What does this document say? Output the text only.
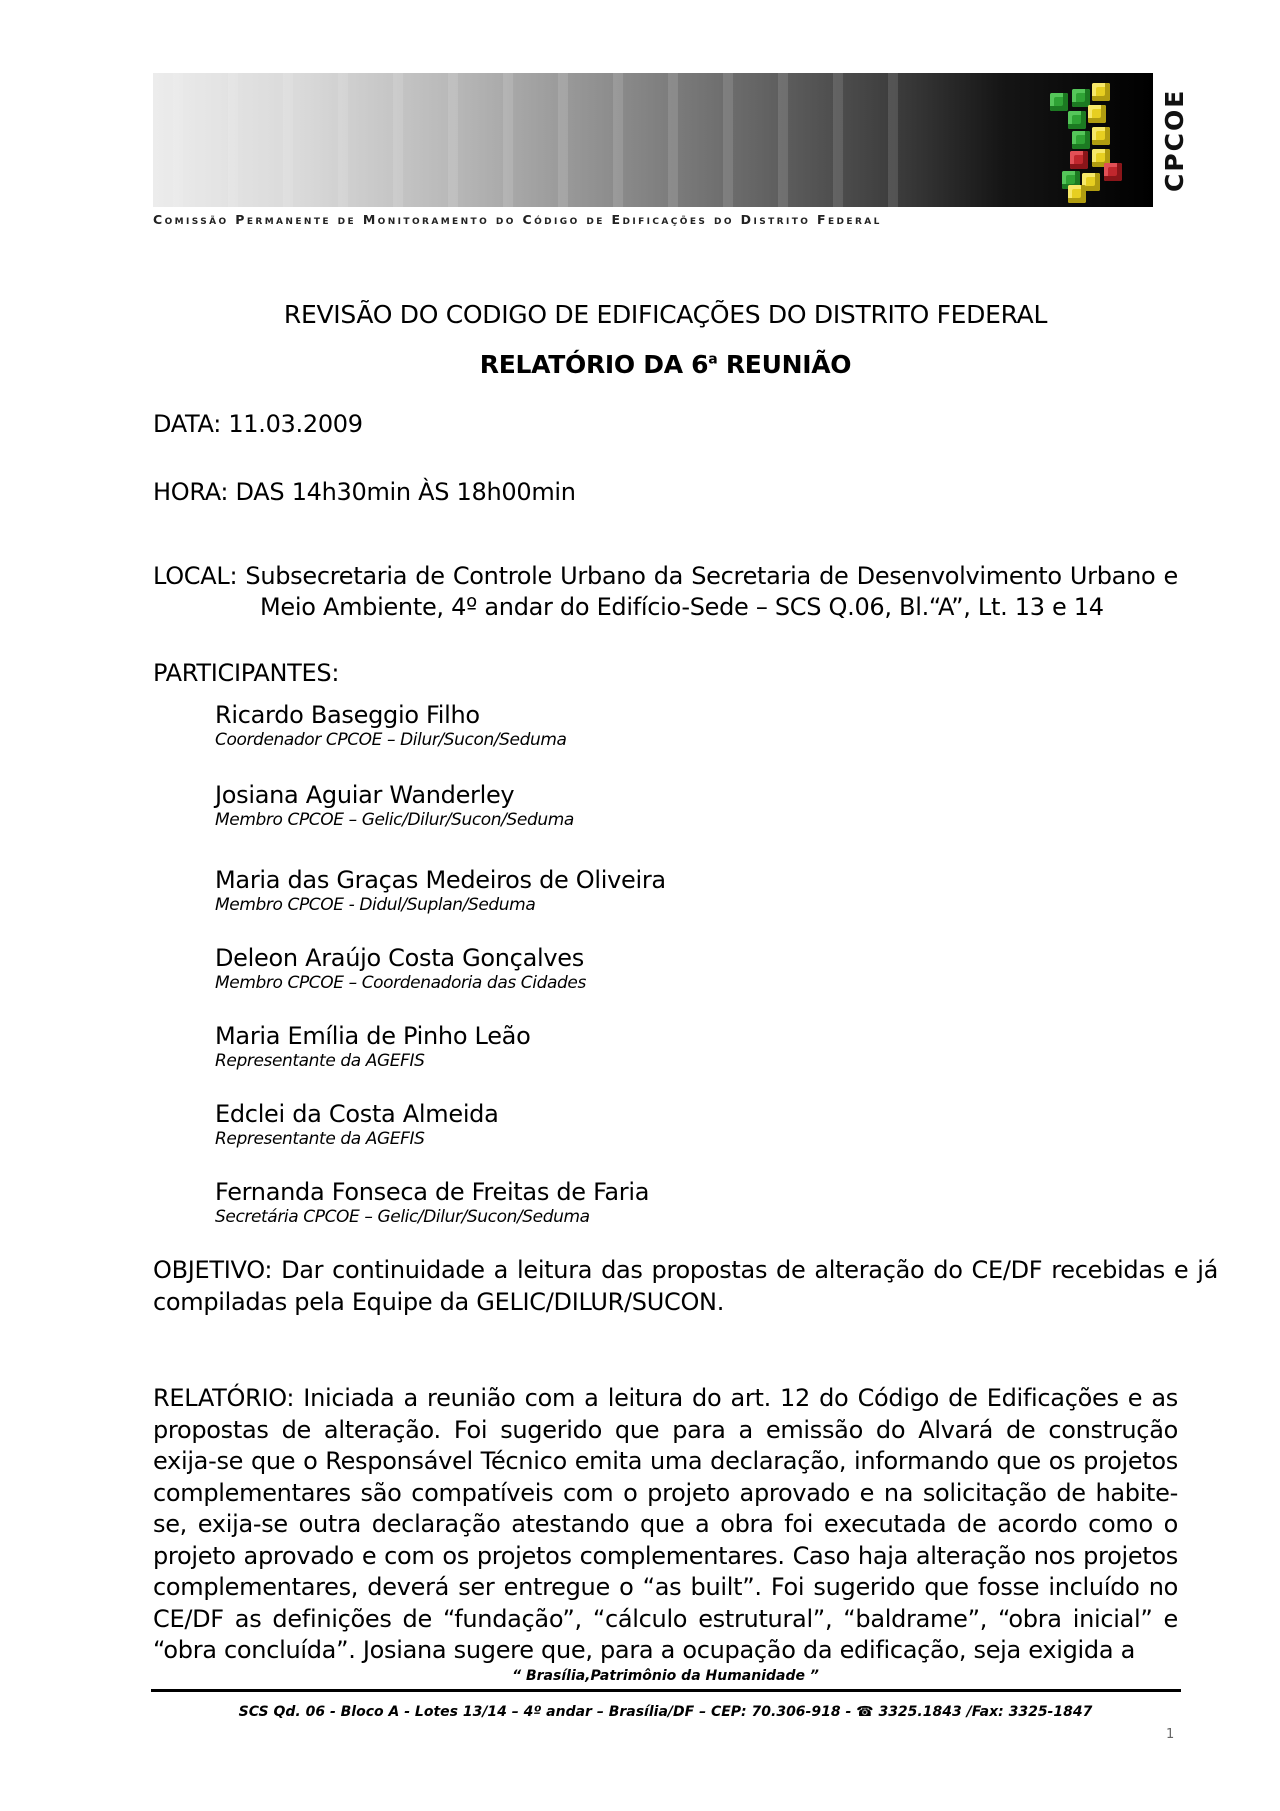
CPCOE
Comissão Permanente de Monitoramento do Código de Edificações do Distrito Federal
REVISÃO DO CODIGO DE EDIFICAÇÕES DO DISTRITO FEDERAL
RELATÓRIO DA 6$^a$ REUNIÃO
DATA: 11.03.2009
HORA: DAS 14h30min ÀS 18h00min
LOCAL: Subsecretaria de Controle Urbano da Secretaria de Desenvolvimento Urbano e
Meio Ambiente, 4º andar do Edifício-Sede – SCS Q.06, Bl.“A”, Lt. 13 e 14
PARTICIPANTES:
Ricardo Baseggio Filho
Coordenador CPCOE – Dilur/Sucon/Seduma
Josiana Aguiar Wanderley
Membro CPCOE – Gelic/Dilur/Sucon/Seduma
Maria das Graças Medeiros de Oliveira
Membro CPCOE - Didul/Suplan/Seduma
Deleon Araújo Costa Gonçalves
Membro CPCOE – Coordenadoria das Cidades
Maria Emília de Pinho Leão
Representante da AGEFIS
Edclei da Costa Almeida
Representante da AGEFIS
Fernanda Fonseca de Freitas de Faria
Secretária CPCOE – Gelic/Dilur/Sucon/Seduma
OBJETIVO: Dar continuidade a leitura das propostas de alteração do CE/DF recebidas e já compiladas pela Equipe da GELIC/DILUR/SUCON.
RELATÓRIO: Iniciada a reunião com a leitura do art. 12 do Código de Edificações e as propostas de alteração. Foi sugerido que para a emissão do Alvará de construção exija-se que o Responsável Técnico emita uma declaração, informando que os projetos complementares são compatíveis com o projeto aprovado e na solicitação de habite-se, exija-se outra declaração atestando que a obra foi executada de acordo como o projeto aprovado e com os projetos complementares. Caso haja alteração nos projetos complementares, deverá ser entregue o “as built”. Foi sugerido que fosse incluído no CE/DF as definições de “fundação”, “cálculo estrutural”, “baldrame”, “obra inicial” e “obra concluída”. Josiana sugere que, para a ocupação da edificação, seja exigida a
“ Brasília,Patrimônio da Humanidade ”
SCS Qd. 06 - Bloco A - Lotes 13/14 – 4º andar – Brasília/DF – CEP: 70.306-918 - ☎ 3325.1843 /Fax: 3325-1847
1
